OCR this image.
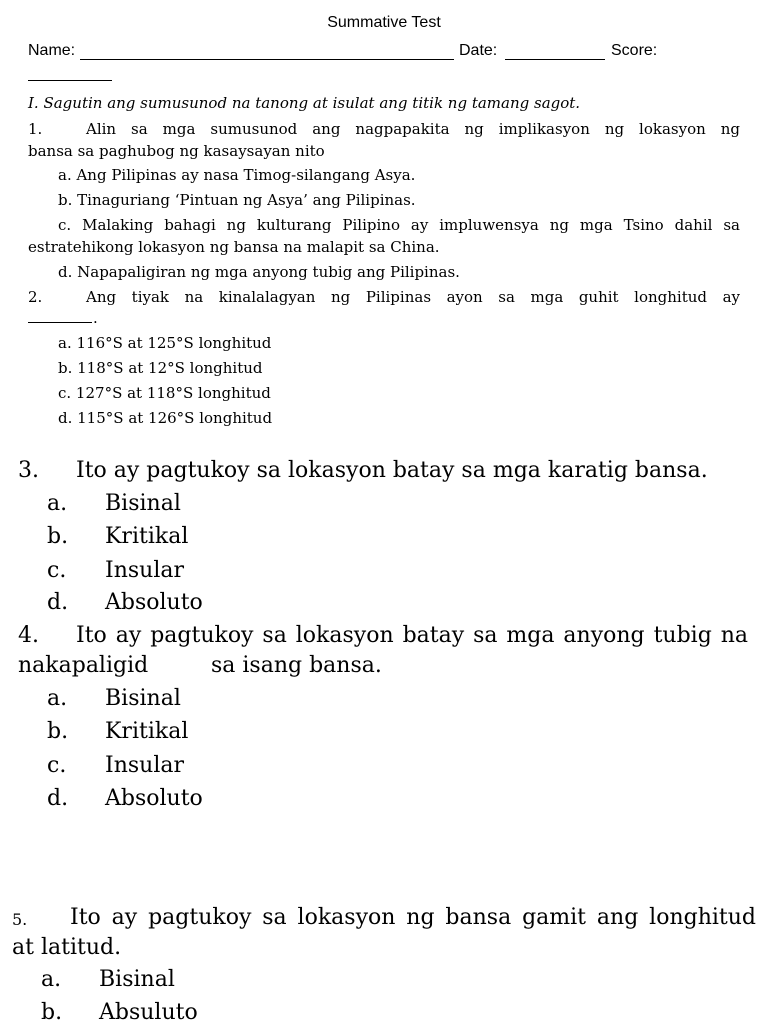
Summative Test
Name:	Date:	Score:
I. Sagutin ang sumusunod na tanong at isulat ang titik ng tamang sagot.
1.	Alin sa mga sumusunod ang nagpapakita ng implikasyon ng lokasyon ng
bansa sa paghubog ng kasaysayan nito
a. Ang Pilipinas ay nasa Timog-silangang Asya.
b. Tinaguriang ‘Pintuan ng Asya’ ang Pilipinas.
c. Malaking bahagi ng kulturang Pilipino ay impluwensya ng mga Tsino dahil sa
estratehikong lokasyon ng bansa na malapit sa China.
d. Napapaligiran ng mga anyong tubig ang Pilipinas.
2.	Ang tiyak na kinalalagyan ng Pilipinas ayon sa mga guhit longhitud ay
.
a. 116°S at 125°S longhitud
b. 118°S at 12°S longhitud
c. 127°S at 118°S longhitud
d. 115°S at 126°S longhitud
3. Ito ay pagtukoy sa lokasyon batay sa mga karatig bansa.
a. Bisinal
b. Kritikal
c. Insular
d. Absoluto
4. Ito ay pagtukoy sa lokasyon batay sa mga anyong tubig na
nakapaligid	sa isang bansa.
a. Bisinal
b. Kritikal
c. Insular
d. Absoluto
5. Ito ay pagtukoy sa lokasyon ng bansa gamit ang longhitud
at latitud.
a. Bisinal
b. Absuluto
